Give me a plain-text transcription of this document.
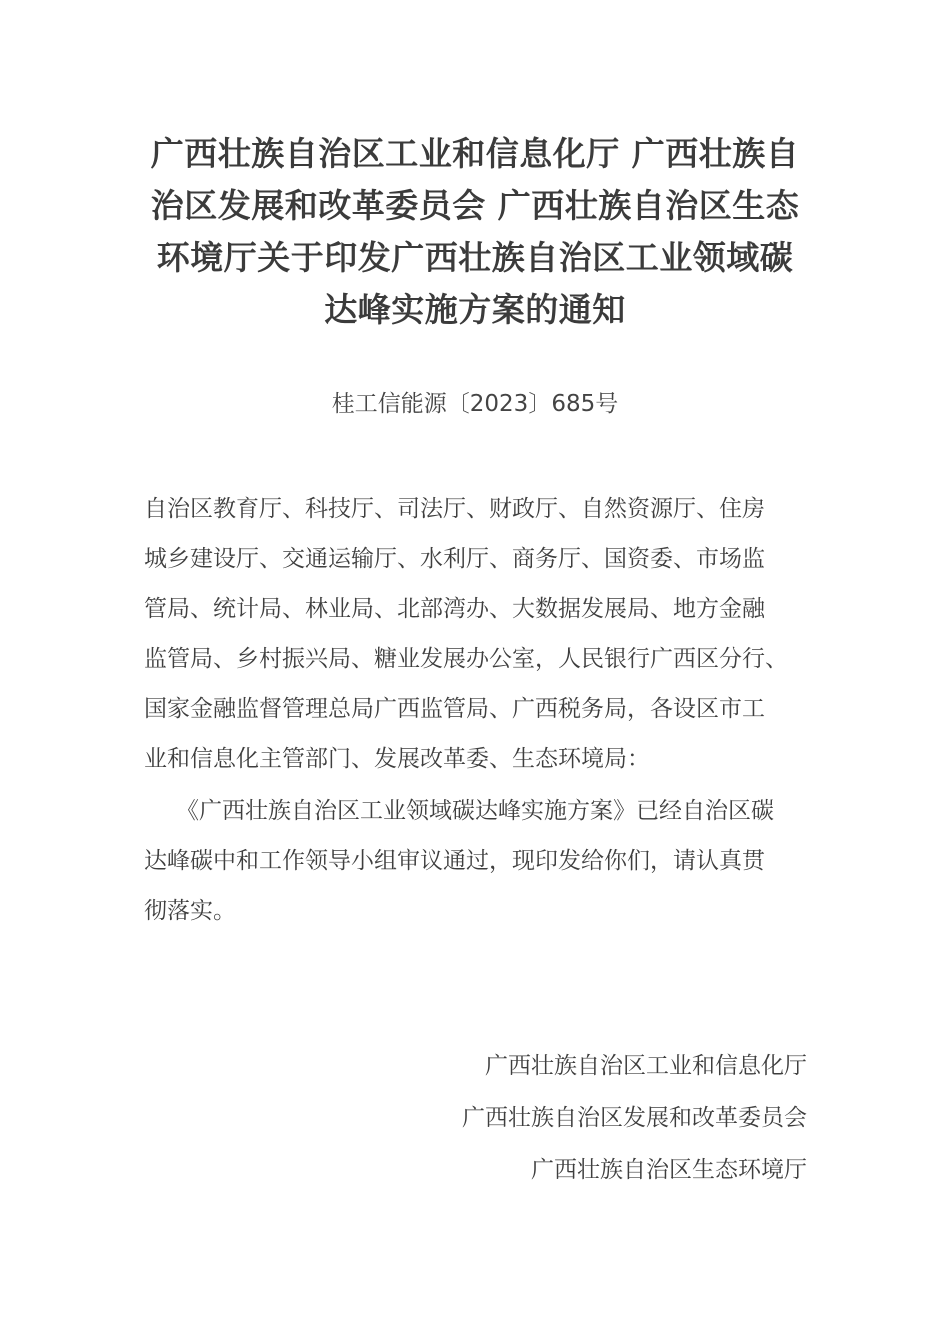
广西壮族自治区工业和信息化厅 广西壮族自
治区发展和改革委员会 广西壮族自治区生态
环境厅关于印发广西壮族自治区工业领域碳
达峰实施方案的通知
桂工信能源〔2023〕685号
自治区教育厅、科技厅、司法厅、财政厅、自然资源厅、住房
城乡建设厅、交通运输厅、水利厅、商务厅、国资委、市场监
管局、统计局、林业局、北部湾办、大数据发展局、地方金融
监管局、乡村振兴局、糖业发展办公室，人民银行广西区分行、
国家金融监督管理总局广西监管局、广西税务局，各设区市工
业和信息化主管部门、发展改革委、生态环境局：
《广西壮族自治区工业领域碳达峰实施方案》已经自治区碳
达峰碳中和工作领导小组审议通过，现印发给你们，请认真贯
彻落实。
广西壮族自治区工业和信息化厅
广西壮族自治区发展和改革委员会
广西壮族自治区生态环境厅
